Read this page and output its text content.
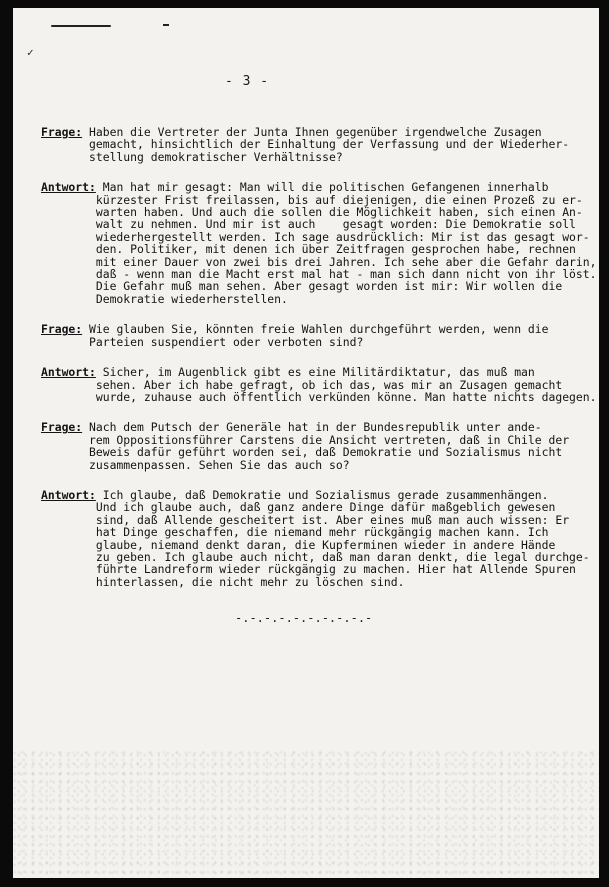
✓
- 3 -
Frage: Haben die Vertreter der Junta Ihnen gegenüber irgendwelche Zusagen
gemacht, hinsichtlich der Einhaltung der Verfassung und der Wiederher-
stellung demokratischer Verhältnisse?
Antwort: Man hat mir gesagt: Man will die politischen Gefangenen innerhalb
kürzester Frist freilassen, bis auf diejenigen, die einen Prozeß zu er-
warten haben. Und auch die sollen die Möglichkeit haben, sich einen An-
walt zu nehmen. Und mir ist auch    gesagt worden: Die Demokratie soll
wiederhergestellt werden. Ich sage ausdrücklich: Mir ist das gesagt wor-
den. Politiker, mit denen ich über Zeitfragen gesprochen habe, rechnen
mit einer Dauer von zwei bis drei Jahren. Ich sehe aber die Gefahr darin,
daß - wenn man die Macht erst mal hat - man sich dann nicht von ihr löst.
Die Gefahr muß man sehen. Aber gesagt worden ist mir: Wir wollen die
Demokratie wiederherstellen.
Frage: Wie glauben Sie, könnten freie Wahlen durchgeführt werden, wenn die
Parteien suspendiert oder verboten sind?
Antwort: Sicher, im Augenblick gibt es eine Militärdiktatur, das muß man
sehen. Aber ich habe gefragt, ob ich das, was mir an Zusagen gemacht
wurde, zuhause auch öffentlich verkünden könne. Man hatte nichts dagegen.
Frage: Nach dem Putsch der Generäle hat in der Bundesrepublik unter ande-
rem Oppositionsführer Carstens die Ansicht vertreten, daß in Chile der
Beweis dafür geführt worden sei, daß Demokratie und Sozialismus nicht
zusammenpassen. Sehen Sie das auch so?
Antwort: Ich glaube, daß Demokratie und Sozialismus gerade zusammenhängen.
Und ich glaube auch, daß ganz andere Dinge dafür maßgeblich gewesen
sind, daß Allende gescheitert ist. Aber eines muß man auch wissen: Er
hat Dinge geschaffen, die niemand mehr rückgängig machen kann. Ich
glaube, niemand denkt daran, die Kupferminen wieder in andere Hände
zu geben. Ich glaube auch nicht, daß man daran denkt, die legal durchge-
führte Landreform wieder rückgängig zu machen. Hier hat Allende Spuren
hinterlassen, die nicht mehr zu löschen sind.
-.-.-.-.-.-.-.-.-.-
